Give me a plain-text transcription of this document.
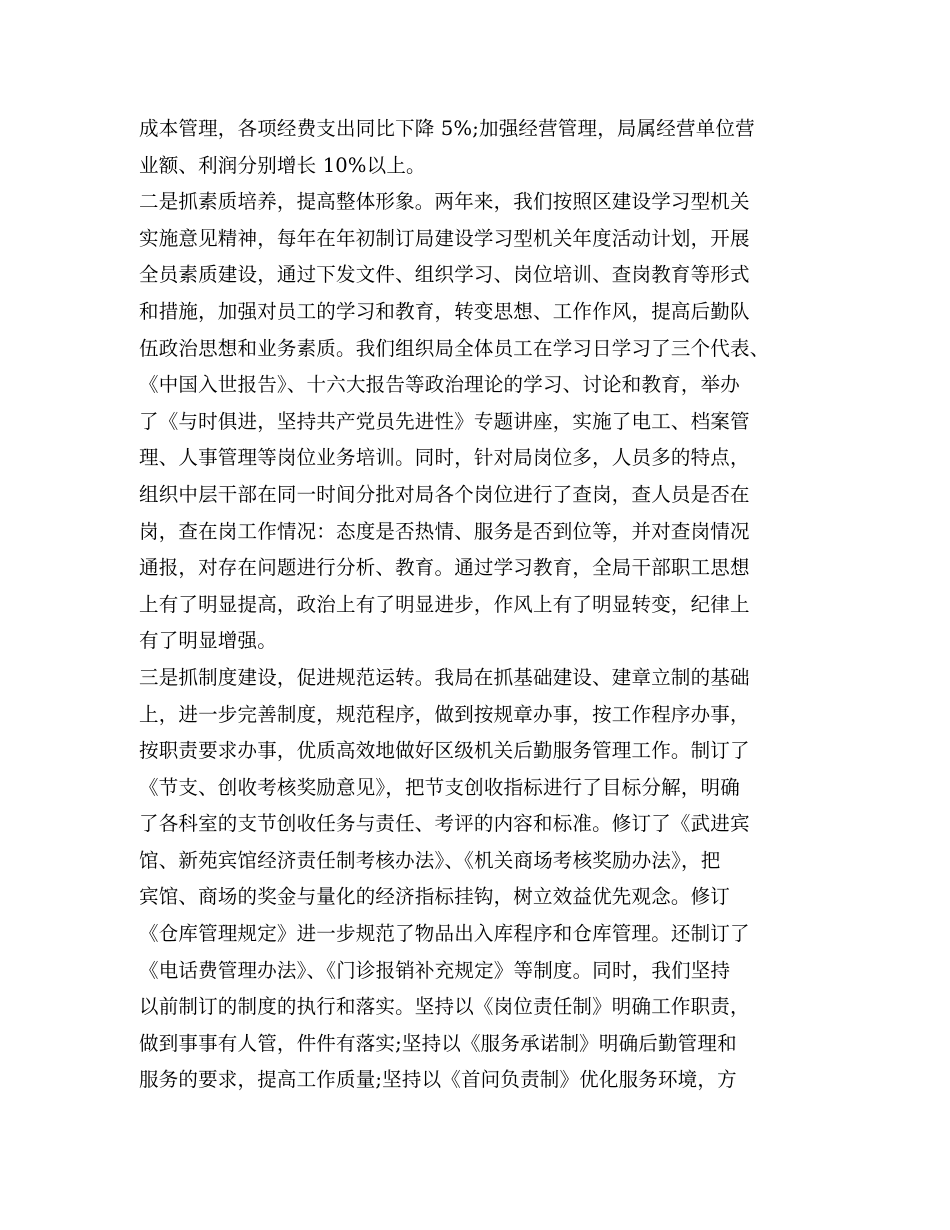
成本管理，各项经费支出同比下降 5%;加强经营管理，局属经营单位营
业额、利润分别增长 10%以上。
二是抓素质培养，提高整体形象。两年来，我们按照区建设学习型机关
实施意见精神，每年在年初制订局建设学习型机关年度活动计划，开展
全员素质建设，通过下发文件、组织学习、岗位培训、查岗教育等形式
和措施，加强对员工的学习和教育，转变思想、工作作风，提高后勤队
伍政治思想和业务素质。我们组织局全体员工在学习日学习了三个代表、
《中国入世报告》、十六大报告等政治理论的学习、讨论和教育，举办
了《与时俱进，坚持共产党员先进性》专题讲座，实施了电工、档案管
理、人事管理等岗位业务培训。同时，针对局岗位多，人员多的特点，
组织中层干部在同一时间分批对局各个岗位进行了查岗，查人员是否在
岗，查在岗工作情况：态度是否热情、服务是否到位等，并对查岗情况
通报，对存在问题进行分析、教育。通过学习教育，全局干部职工思想
上有了明显提高，政治上有了明显进步，作风上有了明显转变，纪律上
有了明显增强。
三是抓制度建设，促进规范运转。我局在抓基础建设、建章立制的基础
上，进一步完善制度，规范程序，做到按规章办事，按工作程序办事，
按职责要求办事，优质高效地做好区级机关后勤服务管理工作。制订了
《节支、创收考核奖励意见》，把节支创收指标进行了目标分解，明确
了各科室的支节创收任务与责任、考评的内容和标准。修订了《武进宾
馆、新苑宾馆经济责任制考核办法》、《机关商场考核奖励办法》，把
宾馆、商场的奖金与量化的经济指标挂钩，树立效益优先观念。修订
《仓库管理规定》进一步规范了物品出入库程序和仓库管理。还制订了
《电话费管理办法》、《门诊报销补充规定》等制度。同时，我们坚持
以前制订的制度的执行和落实。坚持以《岗位责任制》明确工作职责，
做到事事有人管，件件有落实;坚持以《服务承诺制》明确后勤管理和
服务的要求，提高工作质量;坚持以《首问负责制》优化服务环境，方
